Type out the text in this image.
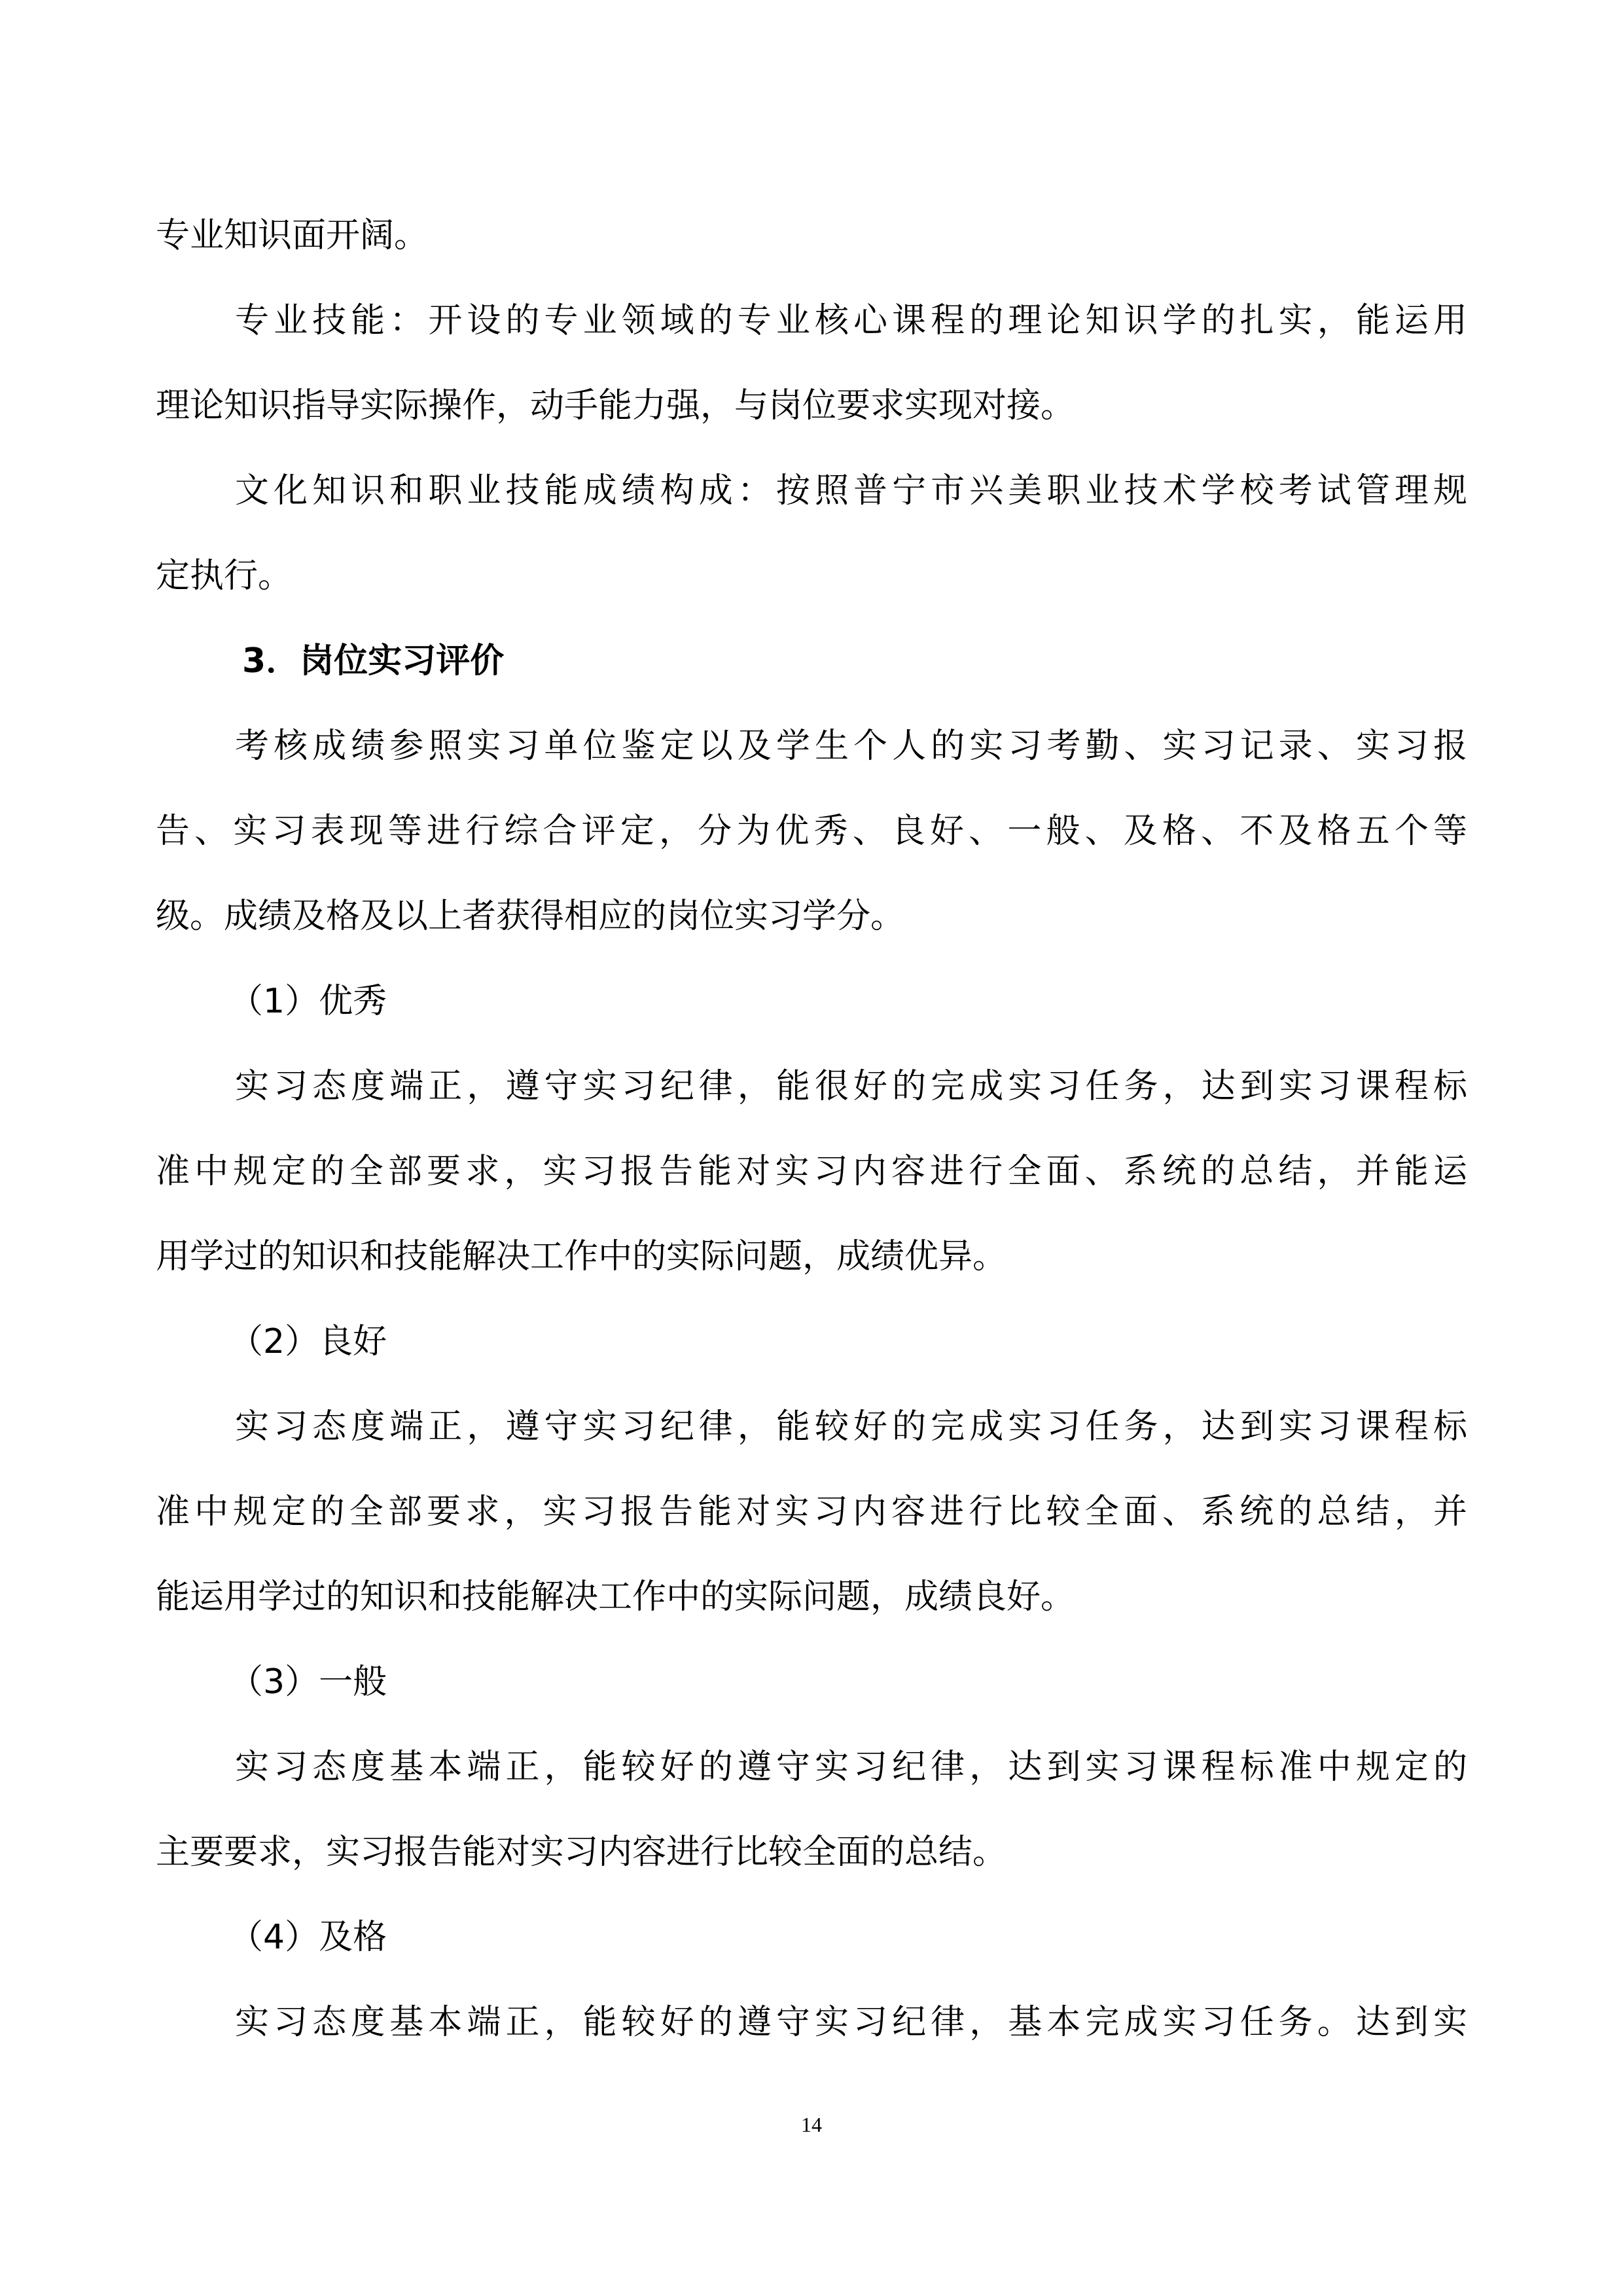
专业知识面开阔。
专业技能：开设的专业领域的专业核心课程的理论知识学的扎实，能运用
理论知识指导实际操作，动手能力强，与岗位要求实现对接。
文化知识和职业技能成绩构成：按照普宁市兴美职业技术学校考试管理规
定执行。
3．岗位实习评价
考核成绩参照实习单位鉴定以及学生个人的实习考勤、实习记录、实习报
告、实习表现等进行综合评定，分为优秀、良好、一般、及格、不及格五个等
级。成绩及格及以上者获得相应的岗位实习学分。
（1）优秀
实习态度端正，遵守实习纪律，能很好的完成实习任务，达到实习课程标
准中规定的全部要求，实习报告能对实习内容进行全面、系统的总结，并能运
用学过的知识和技能解决工作中的实际问题，成绩优异。
（2）良好
实习态度端正，遵守实习纪律，能较好的完成实习任务，达到实习课程标
准中规定的全部要求，实习报告能对实习内容进行比较全面、系统的总结，并
能运用学过的知识和技能解决工作中的实际问题，成绩良好。
（3）一般
实习态度基本端正，能较好的遵守实习纪律，达到实习课程标准中规定的
主要要求，实习报告能对实习内容进行比较全面的总结。
（4）及格
实习态度基本端正，能较好的遵守实习纪律，基本完成实习任务。达到实
14
